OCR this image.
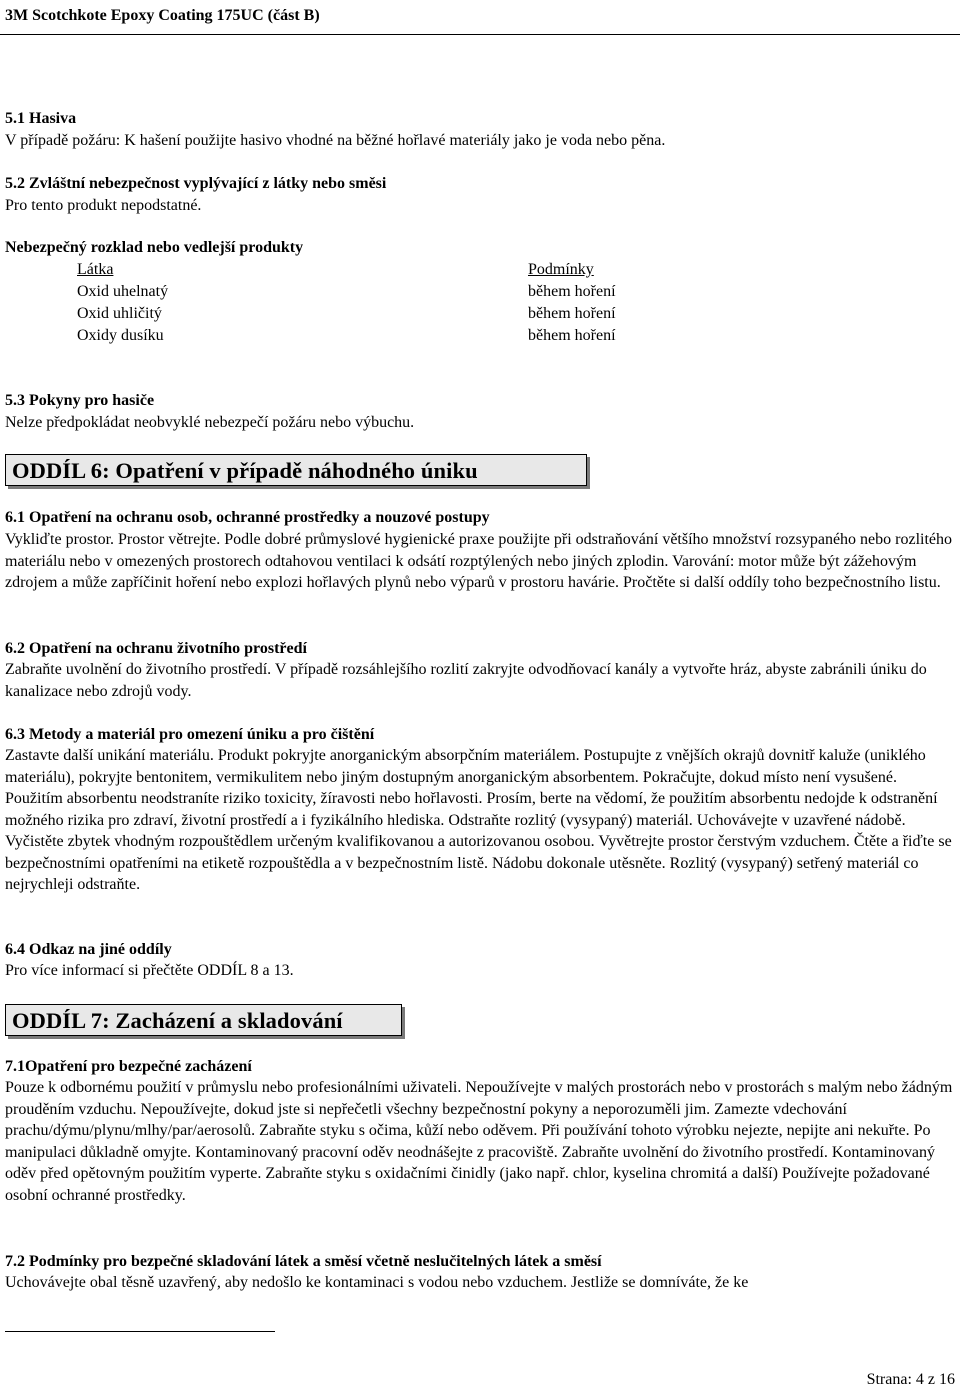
3M Scotchkote Epoxy Coating 175UC (část B)
5.1 Hasiva
V případě požáru: K hašení použijte hasivo vhodné na běžné hořlavé materiály jako je voda nebo pěna.
5.2 Zvláštní nebezpečnost vyplývající z látky nebo směsi
Pro tento produkt nepodstatné.
Nebezpečný rozklad nebo vedlejší produkty
Látka
Oxid uhelnatý
Oxid uhličitý
Oxidy dusíku
Podmínky
během hoření
během hoření
během hoření
5.3 Pokyny pro hasiče
Nelze předpokládat neobvyklé nebezpečí požáru nebo výbuchu.
ODDÍL 6: Opatření v případě náhodného úniku
6.1 Opatření na ochranu osob, ochranné prostředky a nouzové postupy
Vykliďte prostor. Prostor větrejte. Podle dobré průmyslové hygienické praxe použijte při odstraňování většího množství rozsypaného nebo rozlitého materiálu nebo v omezených prostorech odtahovou ventilaci k odsátí rozptýlených nebo jiných zplodin. Varování: motor může být zážehovým zdrojem a může zapříčinit hoření nebo explozi hořlavých plynů nebo výparů v prostoru havárie. Pročtěte si další oddíly toho bezpečnostního listu.
6.2 Opatření na ochranu životního prostředí
Zabraňte uvolnění do životního prostředí. V případě rozsáhlejšího rozlití zakryjte odvodňovací kanály a vytvořte hráz, abyste zabránili úniku do kanalizace nebo zdrojů vody.
6.3 Metody a materiál pro omezení úniku a pro čištění
Zastavte další unikání materiálu. Produkt pokryjte anorganickým absorpčním materiálem. Postupujte z vnějších okrajů dovnitř kaluže (uniklého materiálu), pokryjte bentonitem, vermikulitem nebo jiným dostupným anorganickým absorbentem. Pokračujte, dokud místo není vysušené. Použitím absorbentu neodstraníte riziko toxicity, žíravosti nebo hořlavosti. Prosím, berte na vědomí, že použitím absorbentu nedojde k odstranění možného rizika pro zdraví, životní prostředí a i fyzikálního hlediska. Odstraňte rozlitý (vysypaný) materiál. Uchovávejte v uzavřené nádobě. Vyčistěte zbytek vhodným rozpouštědlem určeným kvalifikovanou a autorizovanou osobou. Vyvětrejte prostor čerstvým vzduchem. Čtěte a řiďte se bezpečnostními opatřeními na etiketě rozpouštědla a v bezpečnostním listě. Nádobu dokonale utěsněte. Rozlitý (vysypaný) setřený materiál co nejrychleji odstraňte.
6.4 Odkaz na jiné oddíly
Pro více informací si přečtěte ODDÍL 8 a 13.
ODDÍL 7: Zacházení a skladování
7.1Opatření pro bezpečné zacházení
Pouze k odbornému použití v průmyslu nebo profesionálními uživateli. Nepoužívejte v malých prostorách nebo v prostorách s malým nebo žádným prouděním vzduchu. Nepoužívejte, dokud jste si nepřečetli všechny bezpečnostní pokyny a neporozuměli jim. Zamezte vdechování prachu/dýmu/plynu/mlhy/par/aerosolů. Zabraňte styku s očima, kůží nebo oděvem. Při používání tohoto výrobku nejezte, nepijte ani nekuřte. Po manipulaci důkladně omyjte. Kontaminovaný pracovní oděv neodnášejte z pracoviště. Zabraňte uvolnění do životního prostředí. Kontaminovaný oděv před opětovným použitím vyperte. Zabraňte styku s oxidačními činidly (jako např. chlor, kyselina chromitá a další) Používejte požadované osobní ochranné prostředky.
7.2 Podmínky pro bezpečné skladování látek a směsí včetně neslučitelných látek a směsí
Uchovávejte obal těsně uzavřený, aby nedošlo ke kontaminaci s vodou nebo vzduchem. Jestliže se domníváte, že ke
Strana: 4 z 16
